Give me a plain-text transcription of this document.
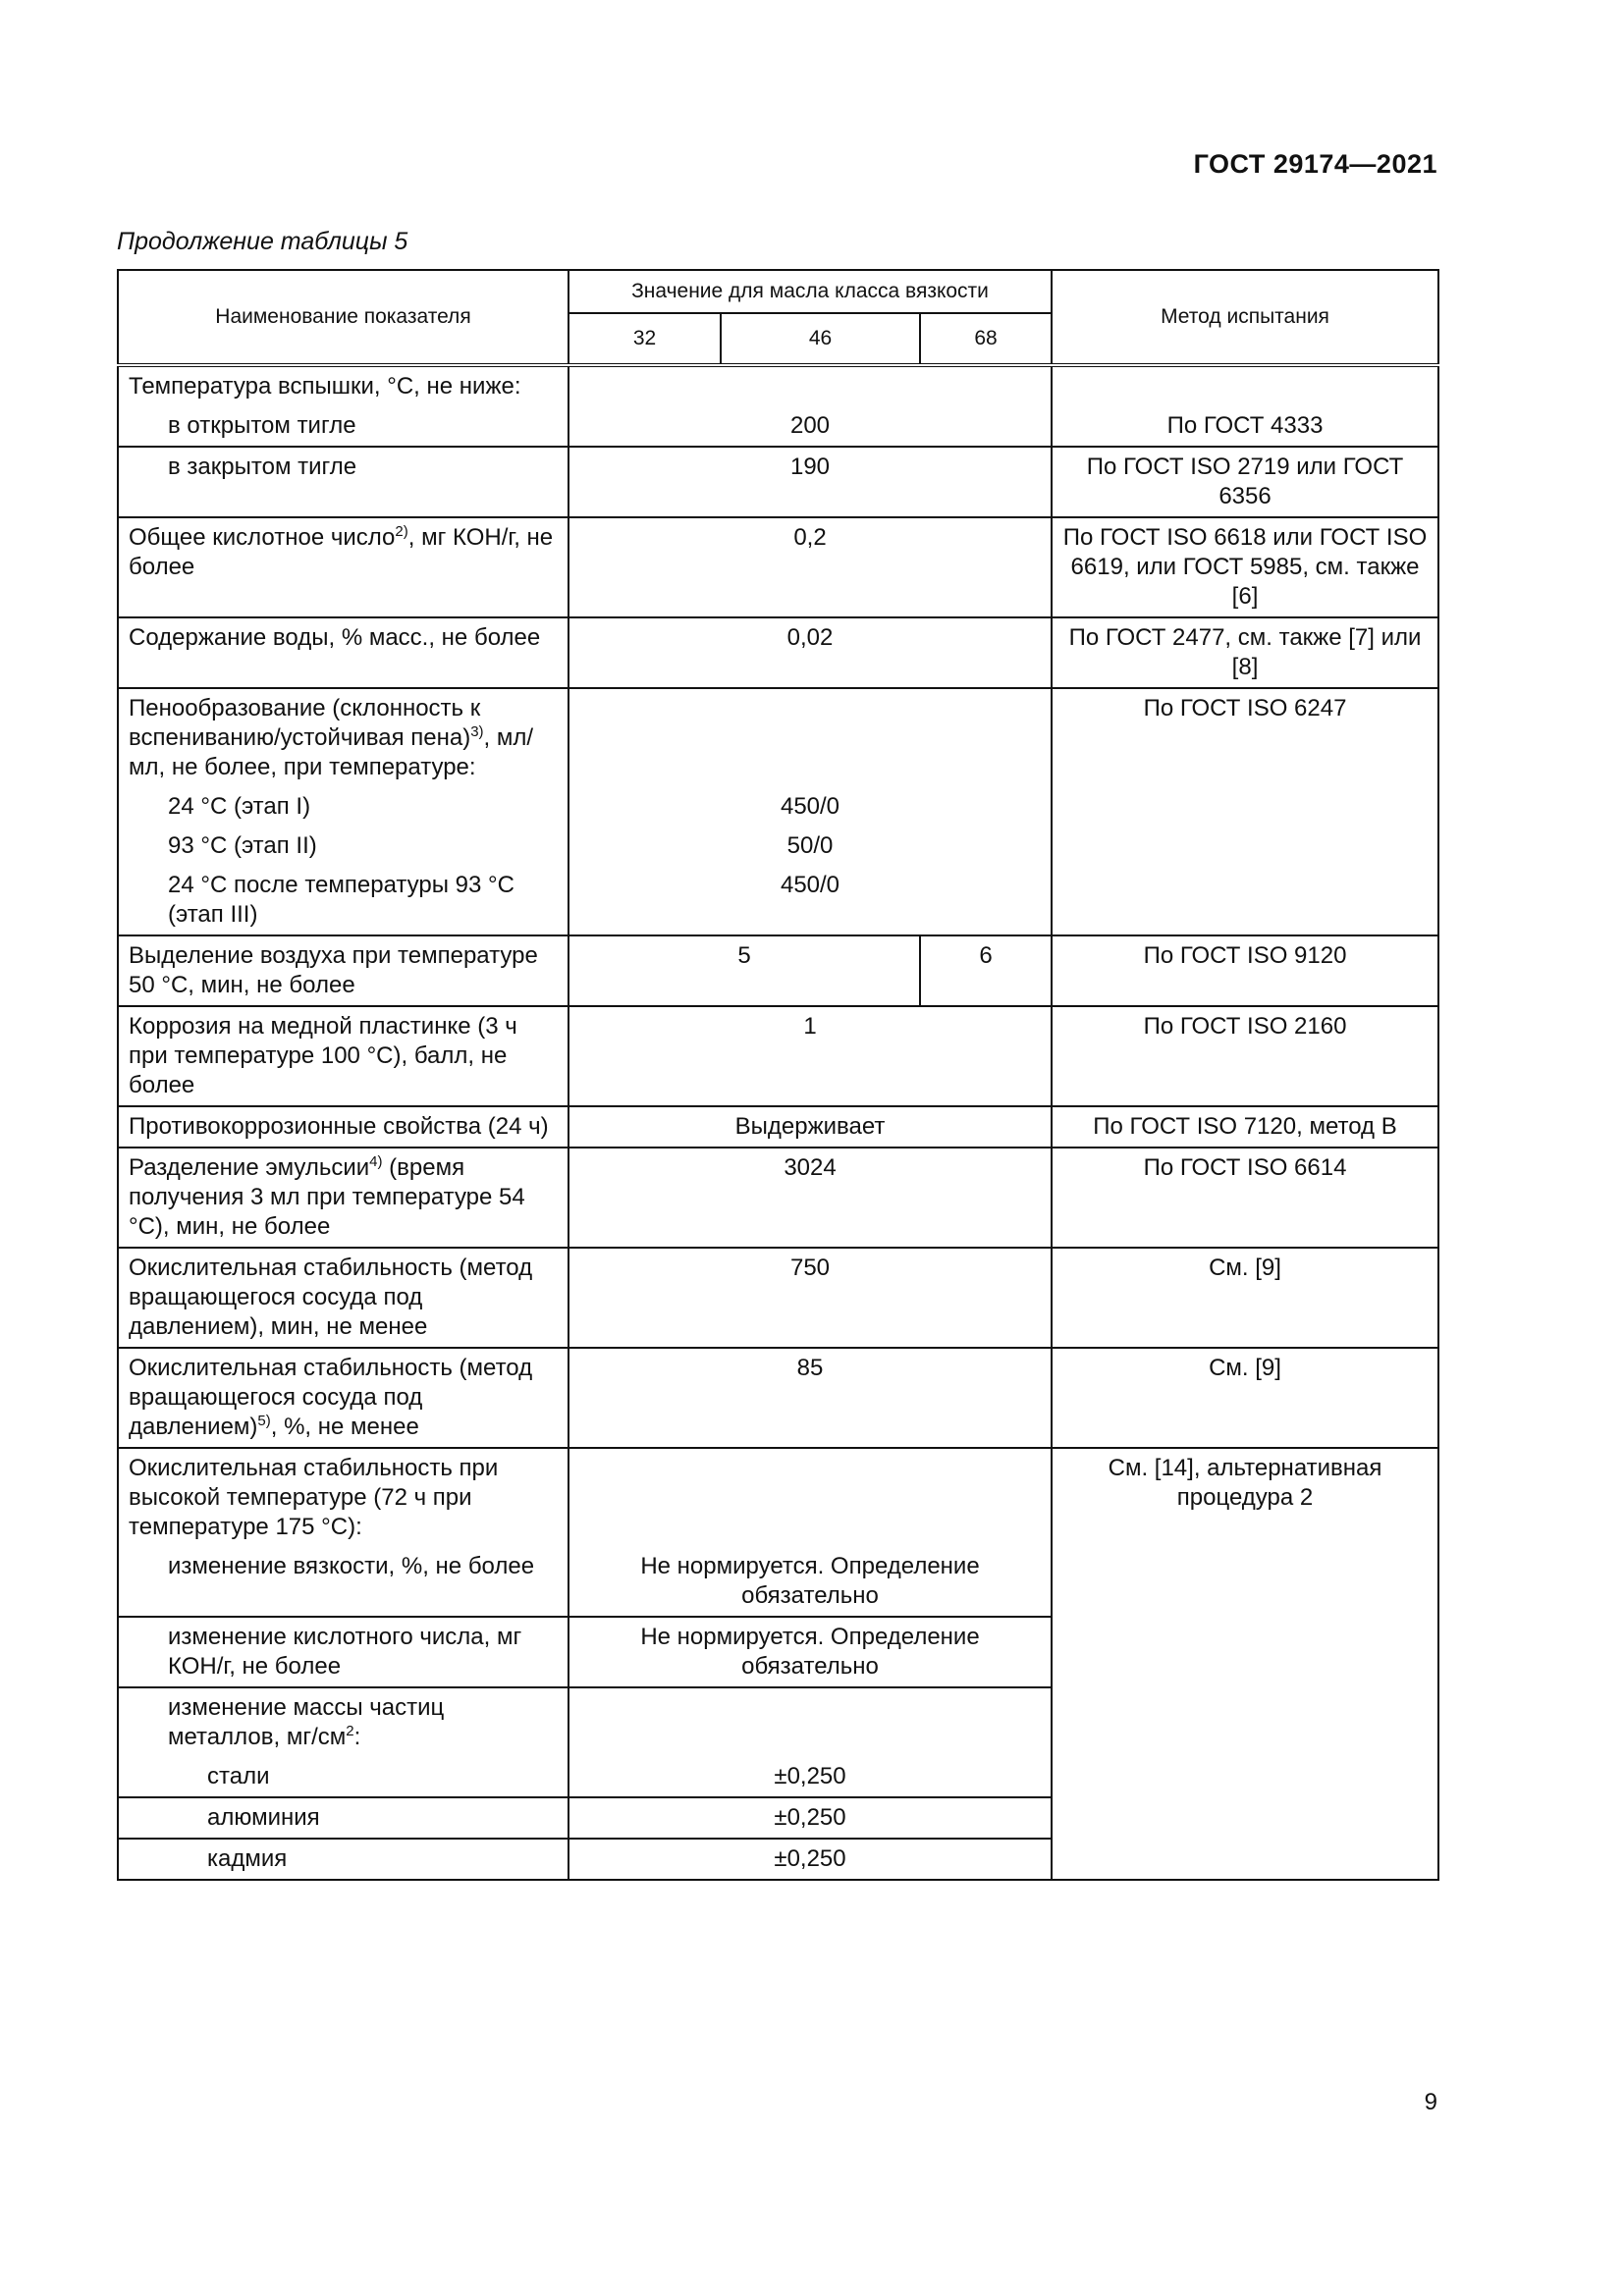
ГОСТ 29174—2021
Продолжение таблицы 5
Наименование показателя	Значение для масла класса вязкости			Метод испытания
	32	46	68	
Температура вспышки, °С, не ниже:				
в открытом тигле	200			По ГОСТ 4333
в закрытом тигле	190			По ГОСТ ISO 2719 или ГОСТ 6356
Общее кислотное число$^{2)}$, мг КОН/г, не более	0,2			По ГОСТ ISO 6618 или ГОСТ ISO 6619, или ГОСТ 5985, см. также [6]
Содержание воды, % масс., не более	0,02			По ГОСТ 2477, см. также [7] или [8]
Пенообразование (склонность к вспениванию/устойчивая пена)$^{3)}$, мл/мл, не более, при температуре:				По ГОСТ ISO 6247
24 °С (этап I)	450/0			
93 °С (этап II)	50/0			
24 °С после температуры 93 °С (этап III)	450/0			
Выделение воздуха при температуре 50 °С, мин, не более	5		6	По ГОСТ ISO 9120
Коррозия на медной пластинке (3 ч при температуре 100 °С), балл, не более	1			По ГОСТ ISO 2160
Противокоррозионные свойства (24 ч)	Выдерживает			По ГОСТ ISO 7120, метод В
Разделение эмульсии$^{4)}$ (время получения 3 мл при температуре 54 °С), мин, не более	3024			По ГОСТ ISO 6614
Окислительная стабильность (метод вращающегося сосуда под давлением), мин, не менее	750			См. [9]
Окислительная стабильность (метод вращающегося сосуда под давлением)$^{5)}$, %, не менее	85			См. [9]
Окислительная стабильность при высокой температуре (72 ч при температуре 175 °С):				См. [14], альтернативная процедура 2
изменение вязкости, %, не более	Не нормируется. Определение обязательно			
изменение кислотного числа, мг КОН/г, не более	Не нормируется. Определение обязательно			
изменение массы частиц металлов, $мг/см^2$:				
стали	±0,250			
алюминия	±0,250			
кадмия	±0,250			
9
